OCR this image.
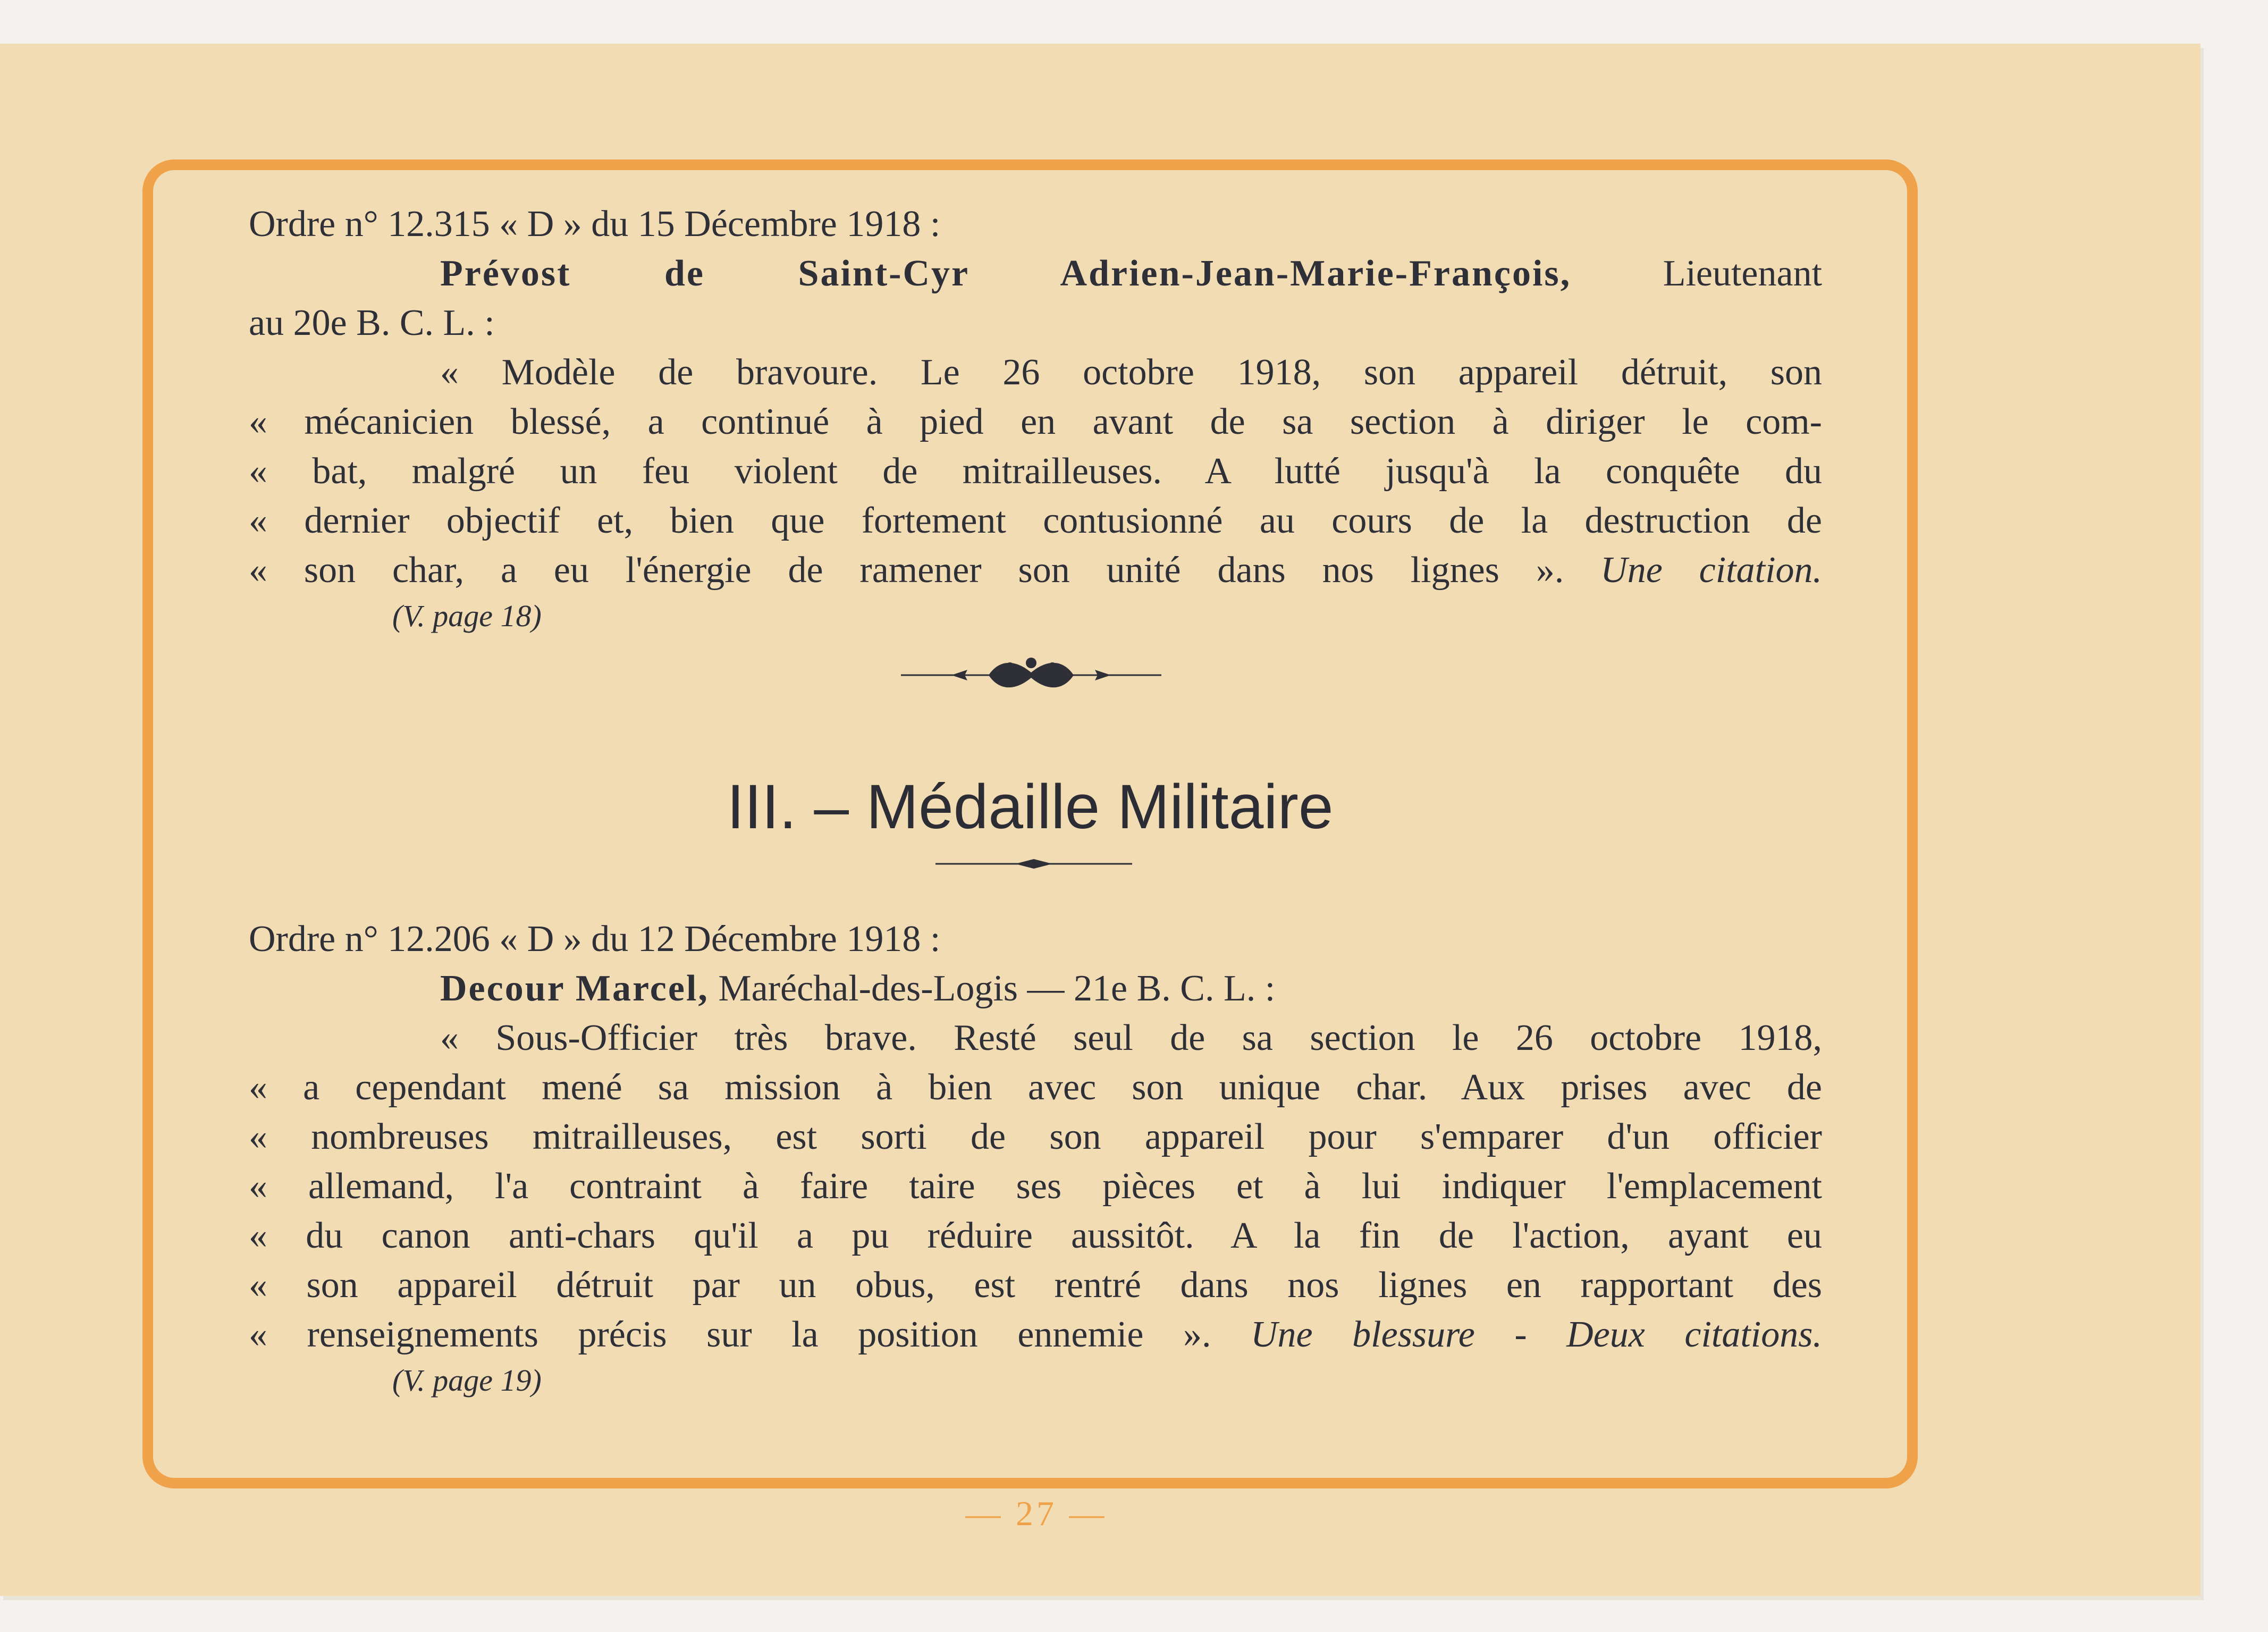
Ordre n° 12.315 « D » du 15 Décembre 1918 :
Prévost de Saint-Cyr Adrien-Jean-Marie-François, Lieutenant
au 20e B. C. L. :
« Modèle de bravoure. Le 26 octobre 1918, son appareil détruit, son
« mécanicien blessé, a continué à pied en avant de sa section à diriger le com-
« bat, malgré un feu violent de mitrailleuses. A lutté jusqu'à la conquête du
« dernier objectif et, bien que fortement contusionné au cours de la destruction de
« son char, a eu l'énergie de ramener son unité dans nos lignes ». Une citation.
(V. page 18)
III. – Médaille Militaire
Ordre n° 12.206 « D » du 12 Décembre 1918 :
Decour Marcel, Maréchal-des-Logis — 21e B. C. L. :
« Sous-Officier très brave. Resté seul de sa section le 26 octobre 1918,
« a cependant mené sa mission à bien avec son unique char. Aux prises avec de
« nombreuses mitrailleuses, est sorti de son appareil pour s'emparer d'un officier
« allemand, l'a contraint à faire taire ses pièces et à lui indiquer l'emplacement
« du canon anti-chars qu'il a pu réduire aussitôt. A la fin de l'action, ayant eu
« son appareil détruit par un obus, est rentré dans nos lignes en rapportant des
« renseignements précis sur la position ennemie ». Une blessure - Deux citations.
(V. page 19)
— 27 —
